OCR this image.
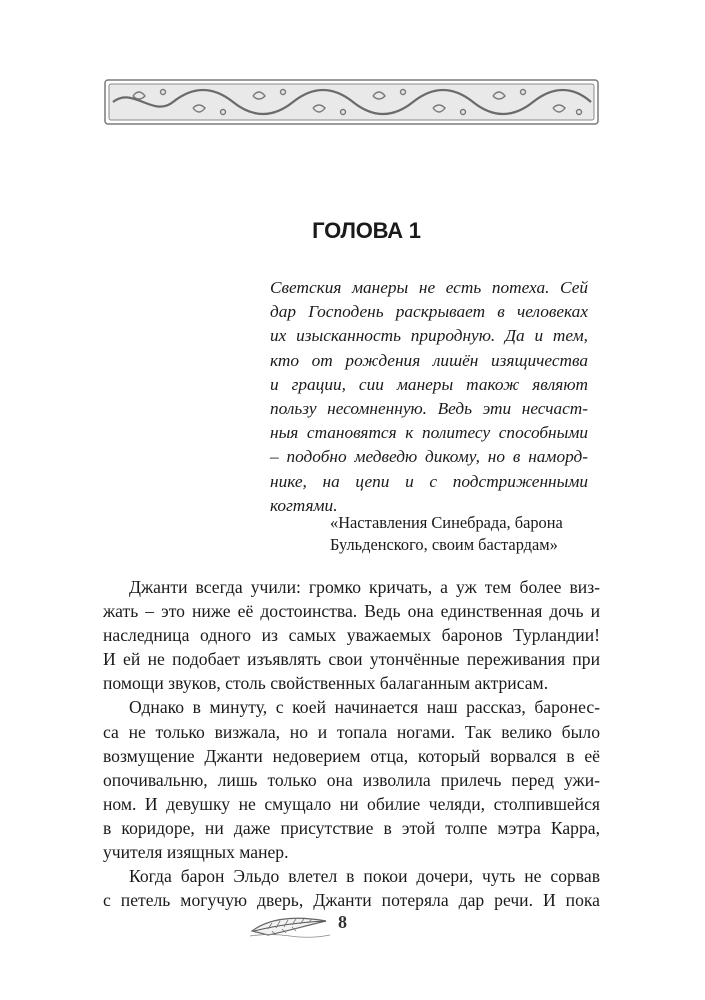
ГОЛОВА 1
Светския манеры не есть потеха. Сей
дар Господень раскрывает в человеках
их изысканность природную. Да и тем,
кто от рождения лишён изящичества
и грации, сии манеры також являют
пользу несомненную. Ведь эти несчаст-
ныя становятся к политесу способными
– подобно медведю дикому, но в наморд-
нике, на цепи и с подстриженными
когтями.
«Наставления Синебрада, барона
Бульденского, своим бастардам»
Джанти всегда учили: громко кричать, а уж тем более виз-
жать – это ниже её достоинства. Ведь она единственная дочь и
наследница одного из самых уважаемых баронов Турландии!
И ей не подобает изъявлять свои утончённые переживания при
помощи звуков, столь свойственных балаганным актрисам.
Однако в минуту, с коей начинается наш рассказ, баронес-
са не только визжала, но и топала ногами. Так велико было
возмущение Джанти недоверием отца, который ворвался в её
опочивальню, лишь только она изволила прилечь перед ужи-
ном. И девушку не смущало ни обилие челяди, столпившейся
в коридоре, ни даже присутствие в этой толпе мэтра Карра,
учителя изящных манер.
Когда барон Эльдо влетел в покои дочери, чуть не сорвав
с петель могучую дверь, Джанти потеряла дар речи. И пока
8
